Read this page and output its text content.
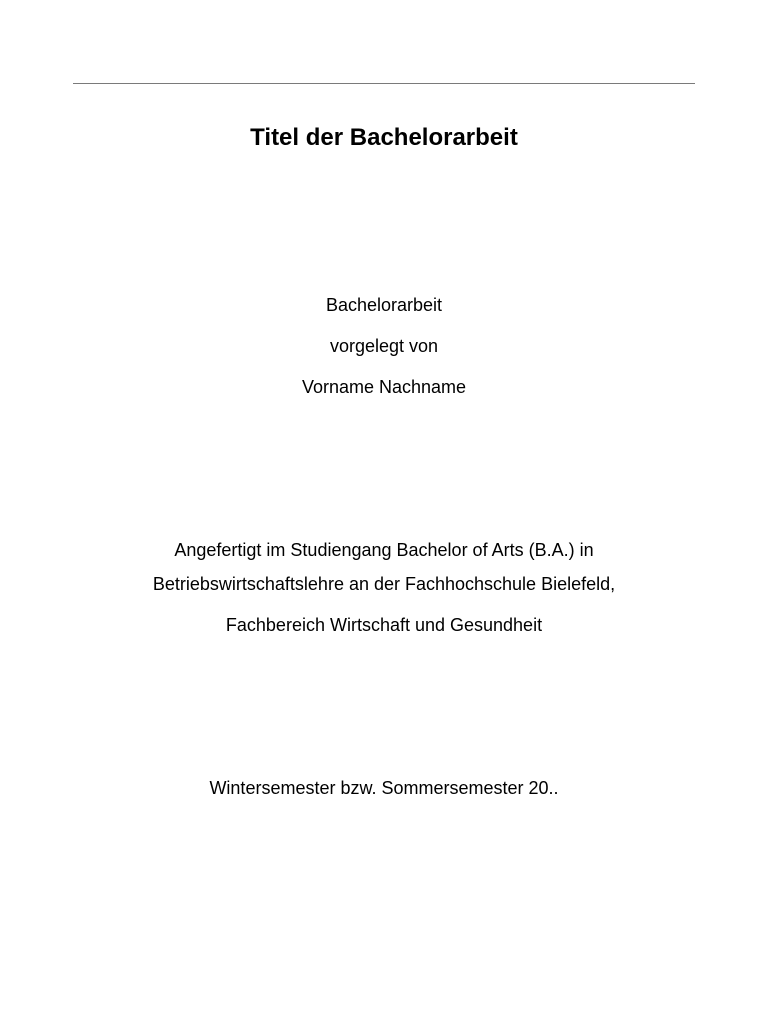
Titel der Bachelorarbeit
Bachelorarbeit
vorgelegt von
Vorname Nachname
Angefertigt im Studiengang Bachelor of Arts (B.A.) in
Betriebswirtschaftslehre an der Fachhochschule Bielefeld,
Fachbereich Wirtschaft und Gesundheit
Wintersemester bzw. Sommersemester 20..
